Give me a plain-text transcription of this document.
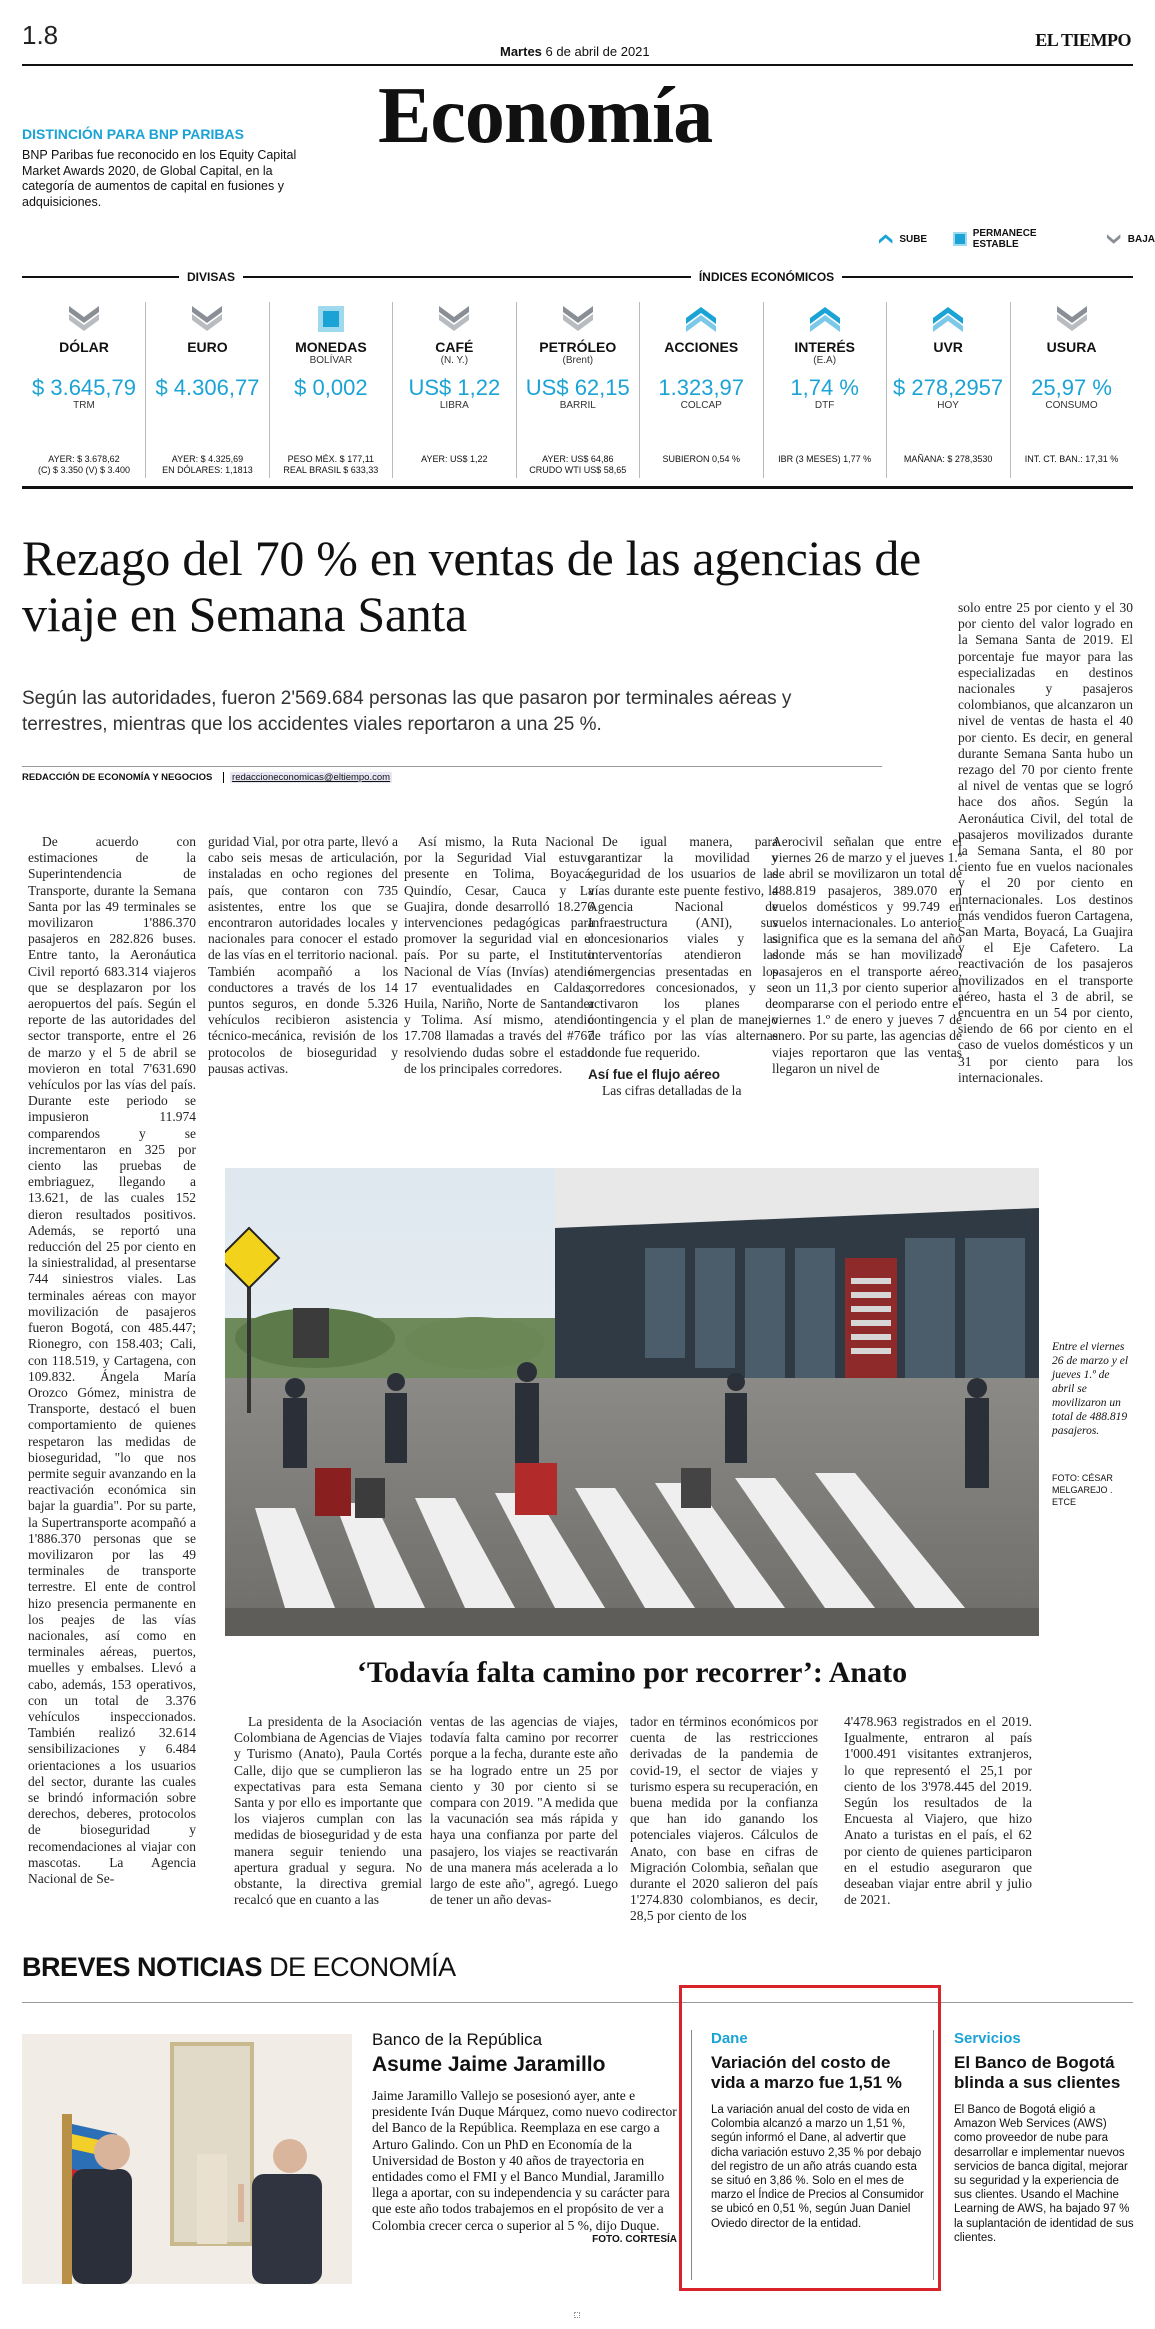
1.8
Martes 6 de abril de 2021
EL TIEMPO
Economía
DISTINCIÓN PARA BNP PARIBAS
BNP Paribas fue reconocido en los Equity Capital Market Awards 2020, de Global Capital, en la categoría de aumentos de capital en fusiones y adquisiciones.
SUBE	PERMANECE ESTABLE	BAJA
DIVISAS	ÍNDICES ECONÓMICOS
DÓLAR
$ 3.645,79
TRM
AYER: $ 3.678,62
(C) $ 3.350 (V) $ 3.400
EURO
$ 4.306,77
AYER: $ 4.325,69
EN DÓLARES: 1,1813
MONEDAS
BOLÍVAR
$ 0,002
PESO MÉX. $ 177,11
REAL BRASIL $ 633,33
CAFÉ
(N. Y.)
US$ 1,22
LIBRA
AYER: US$ 1,22
PETRÓLEO
(Brent)
US$ 62,15
BARRIL
AYER: US$ 64,86
CRUDO WTI US$ 58,65
ACCIONES
1.323,97
COLCAP
SUBIERON 0,54 %
INTERÉS
(E.A)
1,74 %
DTF
IBR (3 MESES) 1,77 %
UVR
$ 278,2957
HOY
MAÑANA: $ 278,3530
USURA
25,97 %
CONSUMO
INT. CT. BAN.: 17,31 %
Rezago del 70 % en ventas de las agencias de viaje en Semana Santa
Según las autoridades, fueron 2'569.684 personas las que pasaron por terminales aéreas y terrestres, mientras que los accidentes viales reportaron a una 25 %.
REDACCIÓN DE ECONOMÍA Y NEGOCIOS redaccioneconomicas@eltiempo.com

De acuerdo con estimaciones de la Superintendencia de Transporte, durante la Semana Santa por las 49 terminales se movilizaron 1'886.370 pasajeros en 282.826 buses. Entre tanto, la Aeronáutica Civil reportó 683.314 viajeros que se desplazaron por los aeropuertos del país. Según el reporte de las autoridades del sector transporte, entre el 26 de marzo y el 5 de abril se movieron en total 7'631.690 vehículos por las vías del país. Durante este periodo se impusieron 11.974 comparendos y se incrementaron en 325 por ciento las pruebas de embriaguez, llegando a 13.621, de las cuales 152 dieron resultados positivos. Además, se reportó una reducción del 25 por ciento en la siniestralidad, al presentarse 744 siniestros viales. Las terminales aéreas con mayor movilización de pasajeros fueron Bogotá, con 485.447; Rionegro, con 158.403; Cali, con 118.519, y Cartagena, con 109.832. Ángela María Orozco Gómez, ministra de Transporte, destacó el buen comportamiento de quienes respetaron las medidas de bioseguridad, "lo que nos permite seguir avanzando en la reactivación económica sin bajar la guardia". Por su parte, la Supertransporte acompañó a 1'886.370 personas que se movilizaron por las 49 terminales de transporte terrestre. El ente de control hizo presencia permanente en los peajes de las vías nacionales, así como en terminales aéreas, puertos, muelles y embalses. Llevó a cabo, además, 153 operativos, con un total de 3.376 vehículos inspeccionados. También realizó 32.614 sensibilizaciones y 6.484 orientaciones a los usuarios del sector, durante las cuales se brindó información sobre derechos, deberes, protocolos de bioseguridad y recomendaciones al viajar con mascotas. La Agencia Nacional de Se-

guridad Vial, por otra parte, llevó a cabo seis mesas de articulación, instaladas en ocho regiones del país, que contaron con 735 asistentes, entre los que se encontraron autoridades locales y nacionales para conocer el estado de las vías en el territorio nacional. También acompañó a los conductores a través de los 14 puntos seguros, en donde 5.326 vehículos recibieron asistencia técnico-mecánica, revisión de los protocolos de bioseguridad y pausas activas.

Así mismo, la Ruta Nacional por la Seguridad Vial estuvo presente en Tolima, Boyacá, Quindío, Cesar, Cauca y La Guajira, donde desarrolló 18.276 intervenciones pedagógicas para promover la seguridad vial en el país. Por su parte, el Instituto Nacional de Vías (Invías) atendió 17 eventualidades en Caldas, Huila, Nariño, Norte de Santander y Tolima. Así mismo, atendió 17.708 llamadas a través del #767 resolviendo dudas sobre el estado de los principales corredores.

De igual manera, para garantizar la movilidad y seguridad de los usuarios de las vías durante este puente festivo, la Agencia Nacional de Infraestructura (ANI), sus concesionarios viales y las interventorías atendieron las emergencias presentadas en los corredores concesionados, y se activaron los planes de contingencia y el plan de manejo de tráfico por las vías alternas donde fue requerido.

Así fue el flujo aéreo

Las cifras detalladas de la

Aerocivil señalan que entre el viernes 26 de marzo y el jueves 1.º de abril se movilizaron un total de 488.819 pasajeros, 389.070 en vuelos domésticos y 99.749 en vuelos internacionales. Lo anterior significa que es la semana del año donde más se han movilizado pasajeros en el transporte aéreo, con un 11,3 por ciento superior al compararse con el periodo entre el viernes 1.º de enero y jueves 7 de enero. Por su parte, las agencias de viajes reportaron que las ventas llegaron un nivel de

solo entre 25 por ciento y el 30 por ciento del valor logrado en la Semana Santa de 2019. El porcentaje fue mayor para las especializadas en destinos nacionales y pasajeros colombianos, que alcanzaron un nivel de ventas de hasta el 40 por ciento. Es decir, en general durante Semana Santa hubo un rezago del 70 por ciento frente al nivel de ventas que se logró hace dos años. Según la Aeronáutica Civil, del total de pasajeros movilizados durante la Semana Santa, el 80 por ciento fue en vuelos nacionales y el 20 por ciento en internacionales. Los destinos más vendidos fueron Cartagena, San Marta, Boyacá, La Guajira y el Eje Cafetero. La reactivación de los pasajeros movilizados en el transporte aéreo, hasta el 3 de abril, se encuentra en un 54 por ciento, siendo de 66 por ciento en el caso de vuelos domésticos y un 31 por ciento para los internacionales.

Entre el viernes 26 de marzo y el jueves 1.º de abril se movilizaron un total de 488.819 pasajeros.
FOTO: CÉSAR MELGAREJO . ETCE
‘Todavía falta camino por recorrer’: Anato

La presidenta de la Asociación Colombiana de Agencias de Viajes y Turismo (Anato), Paula Cortés Calle, dijo que se cumplieron las expectativas para esta Semana Santa y por ello es importante que los viajeros cumplan con las medidas de bioseguridad y de esta manera seguir teniendo una apertura gradual y segura. No obstante, la directiva gremial recalcó que en cuanto a las

ventas de las agencias de viajes, todavía falta camino por recorrer porque a la fecha, durante este año se ha logrado entre un 25 por ciento y 30 por ciento si se compara con 2019. "A medida que la vacunación sea más rápida y haya una confianza por parte del pasajero, los viajes se reactivarán de una manera más acelerada a lo largo de este año", agregó. Luego de tener un año devas-

tador en términos económicos por cuenta de las restricciones derivadas de la pandemia de covid-19, el sector de viajes y turismo espera su recuperación, en buena medida por la confianza que han ido ganando los potenciales viajeros. Cálculos de Anato, con base en cifras de Migración Colombia, señalan que durante el 2020 salieron del país 1'274.830 colombianos, es decir, 28,5 por ciento de los

4'478.963 registrados en el 2019. Igualmente, entraron al país 1'000.491 visitantes extranjeros, lo que representó el 25,1 por ciento de los 3'978.445 del 2019. Según los resultados de la Encuesta al Viajero, que hizo Anato a turistas en el país, el 62 por ciento de quienes participaron en el estudio aseguraron que deseaban viajar entre abril y julio de 2021.

BREVES NOTICIAS DE ECONOMÍA
Banco de la República
Asume Jaime Jaramillo
Jaime Jaramillo Vallejo se posesionó ayer, ante e presidente Iván Duque Márquez, como nuevo codirector del Banco de la República. Reemplaza en ese cargo a Arturo Galindo. Con un PhD en Economía de la Universidad de Boston y 40 años de trayectoria en entidades como el FMI y el Banco Mundial, Jaramillo llega a aportar, con su independencia y su carácter para que este año todos trabajemos en el propósito de ver a Colombia crecer cerca o superior al 5 %, dijo Duque.
FOTO. CORTESÍA
Dane
Variación del costo de vida a marzo fue 1,51 %
La variación anual del costo de vida en Colombia alcanzó a marzo un 1,51 %, según informó el Dane, al advertir que dicha variación estuvo 2,35 % por debajo del registro de un año atrás cuando esta se situó en 3,86 %. Solo en el mes de marzo el Índice de Precios al Consumidor se ubicó en 0,51 %, según Juan Daniel Oviedo director de la entidad.
Servicios
El Banco de Bogotá blinda a sus clientes
El Banco de Bogotá eligió a Amazon Web Services (AWS) como proveedor de nube para desarrollar e implementar nuevos servicios de banca digital, mejorar su seguridad y la experiencia de sus clientes. Usando el Machine Learning de AWS, ha bajado 97 % la suplantación de identidad de sus clientes.
